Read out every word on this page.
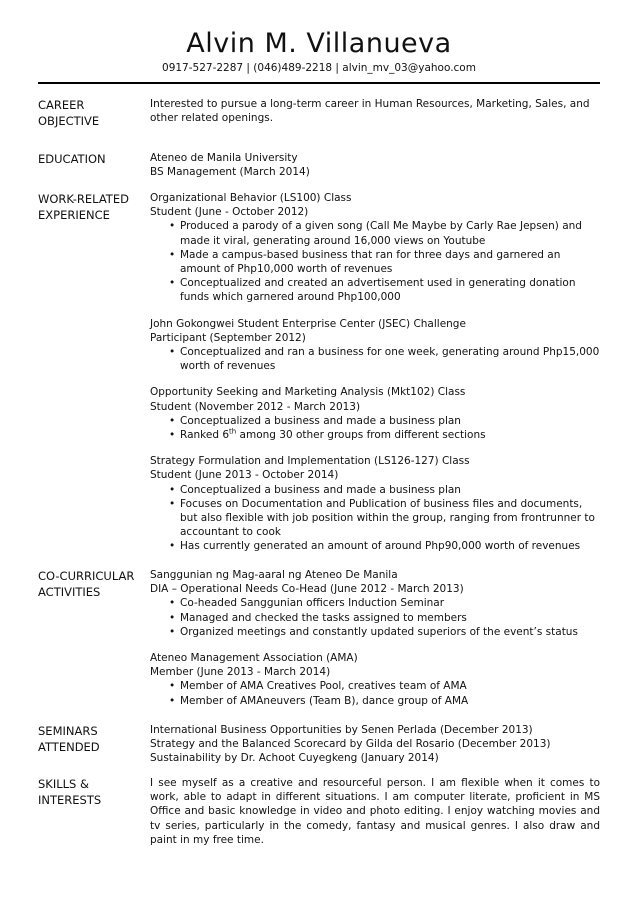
Alvin M. Villanueva
0917-527-2287 | (046)489-2218 | alvin_mv_03@yahoo.com
CAREER OBJECTIVE

Interested to pursue a long-term career in Human Resources, Marketing, Sales, and other related openings.

EDUCATION	Ateneo de Manila University

BS Management (March 2014)

WORK-RELATED EXPERIENCE

Organizational Behavior (LS100) Class

Student (June - October 2012)

• Produced a parody of a given song (Call Me Maybe by Carly Rae Jepsen) and made it viral, generating around 16,000 views on Youtube
• Made a campus-based business that ran for three days and garnered an amount of Php10,000 worth of revenues
• Conceptualized and created an advertisement used in generating donation funds which garnered around Php100,000

John Gokongwei Student Enterprise Center (JSEC) Challenge

Participant (September 2012)

• Conceptualized and ran a business for one week, generating around Php15,000 worth of revenues

Opportunity Seeking and Marketing Analysis (Mkt102) Class

Student (November 2012 - March 2013)

• Conceptualized a business and made a business plan
• Ranked 6th among 30 other groups from different sections

Strategy Formulation and Implementation (LS126-127) Class

Student (June 2013 - October 2014)

• Conceptualized a business and made a business plan
• Focuses on Documentation and Publication of business files and documents, but also flexible with job position within the group, ranging from frontrunner to accountant to cook
• Has currently generated an amount of around Php90,000 worth of revenues
CO-CURRICULAR ACTIVITIES

Sanggunian ng Mag-aaral ng Ateneo De Manila

DIA – Operational Needs Co-Head (June 2012 - March 2013)

• Co-headed Sanggunian officers Induction Seminar
• Managed and checked the tasks assigned to members
• Organized meetings and constantly updated superiors of the event’s status

Ateneo Management Association (AMA)

Member (June 2013 - March 2014)

• Member of AMA Creatives Pool, creatives team of AMA
• Member of AMAneuvers (Team B), dance group of AMA
SEMINARS ATTENDED

International Business Opportunities by Senen Perlada (December 2013)

Strategy and the Balanced Scorecard by Gilda del Rosario (December 2013)

Sustainability by Dr. Achoot Cuyegkeng (January 2014)

SKILLS & INTERESTS

I see myself as a creative and resourceful person. I am flexible when it comes to work, able to adapt in different situations. I am computer literate, proficient in MS Office and basic knowledge in video and photo editing. I enjoy watching movies and tv series, particularly in the comedy, fantasy and musical genres. I also draw and paint in my free time.
